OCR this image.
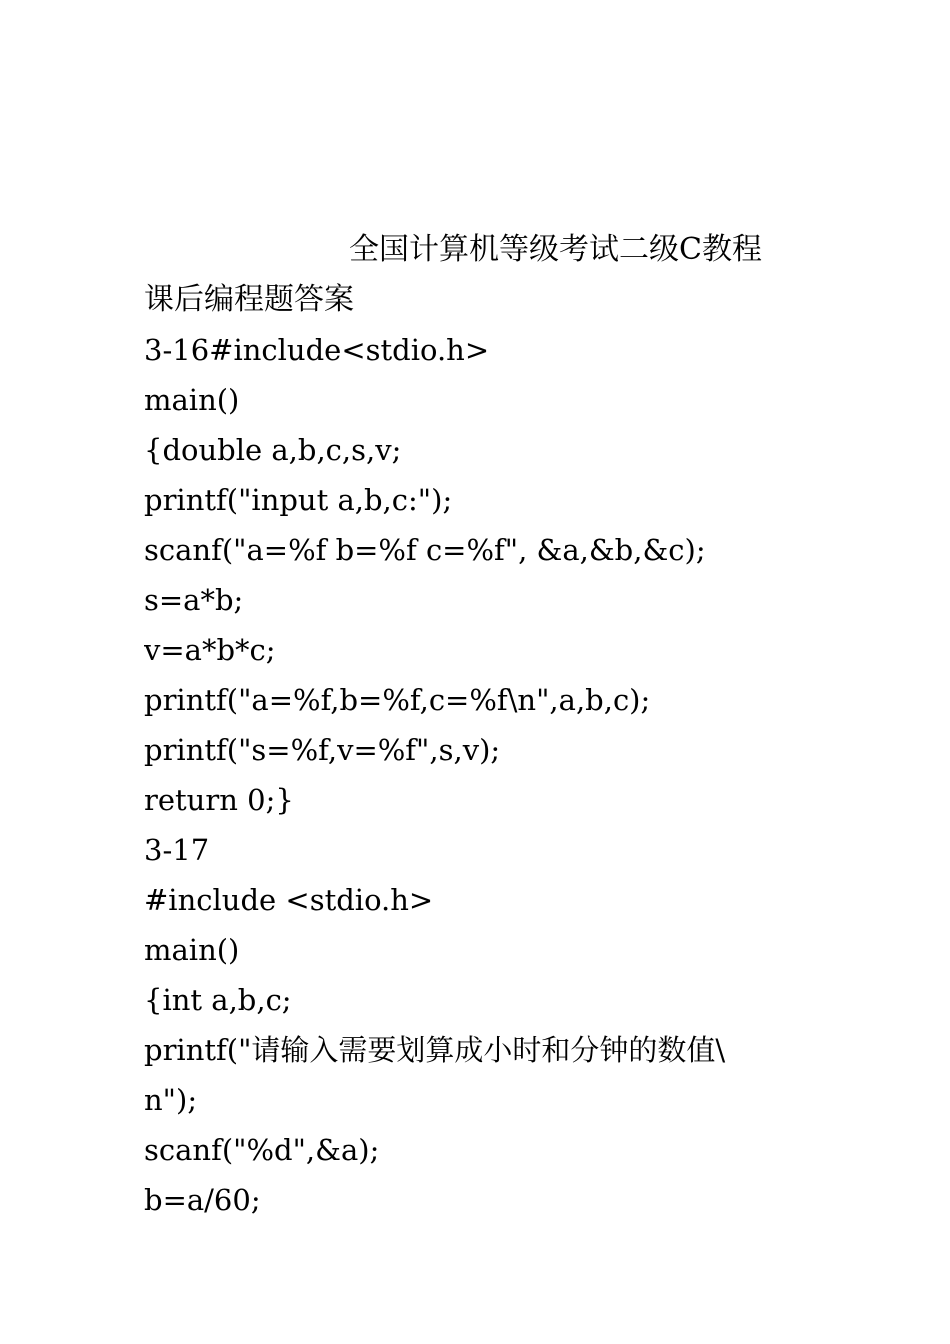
全国计算机等级考试二级C教程
课后编程题答案
3-16#include<stdio.h>
main()
{double a,b,c,s,v;
printf("input a,b,c:");
scanf("a=%f b=%f c=%f", &a,&b,&c);
s=a*b;
v=a*b*c;
printf("a=%f,b=%f,c=%f\n",a,b,c);
printf("s=%f,v=%f",s,v);
return 0;}
3-17
#include <stdio.h>
main()
{int a,b,c;
printf("请输入需要划算成小时和分钟的数值\
n");
scanf("%d",&a);
b=a/60;
